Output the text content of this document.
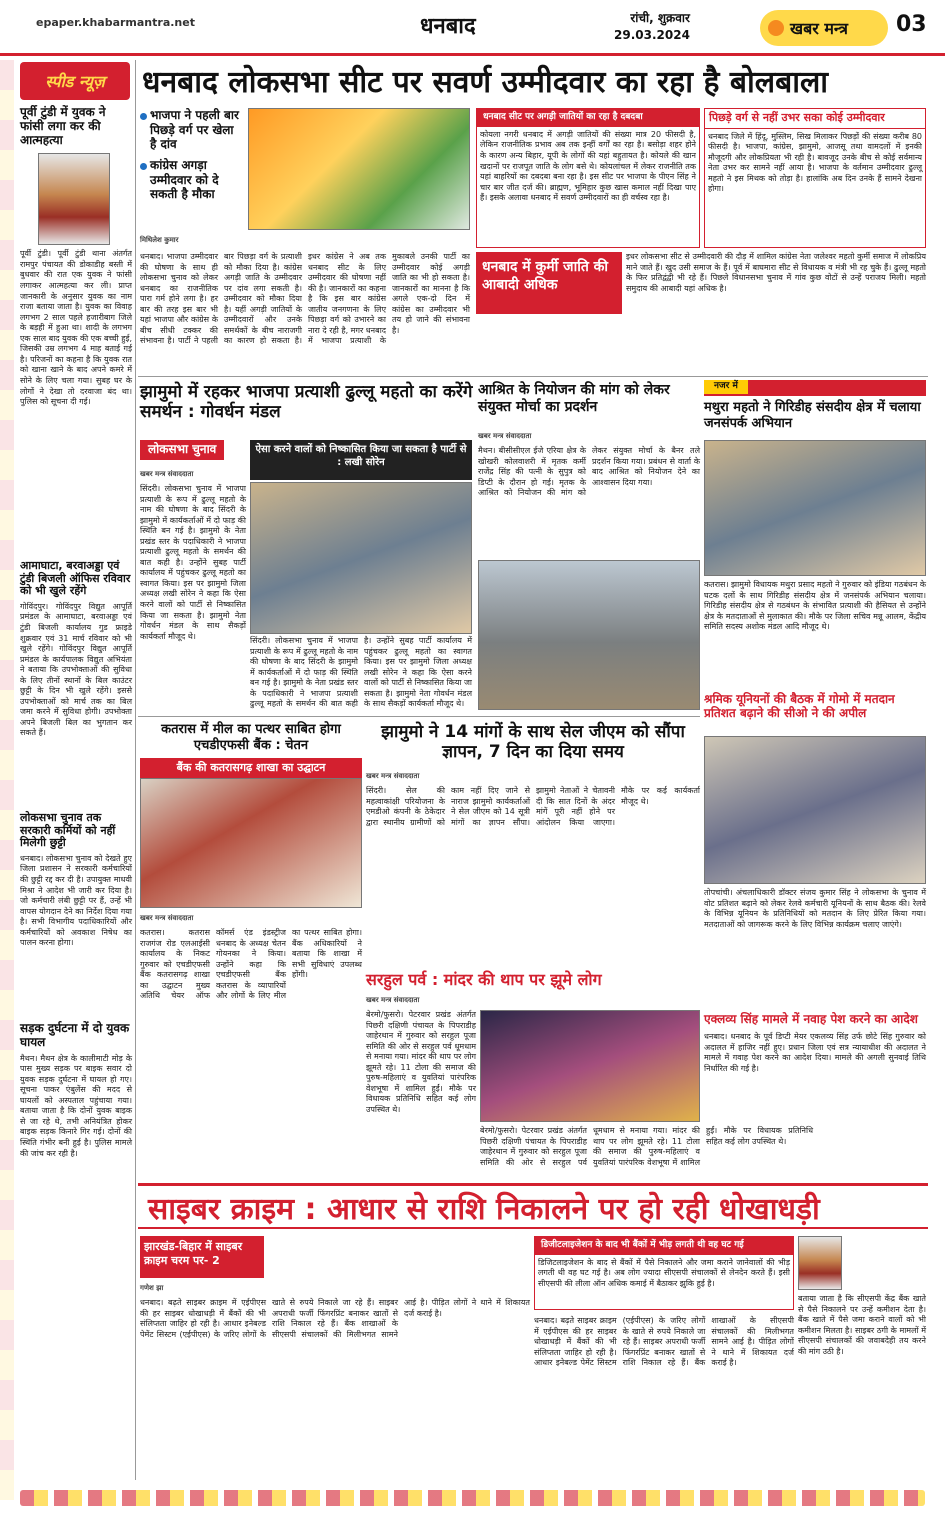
epaper.khabarmantra.net	धनबाद	रांची, शुक्रवार
29.03.2024	खबर मन्त्र	03
स्पीड न्यूज़
पूर्वी टुंडी में युवक ने फांसी लगा कर की आत्महत्या
पूर्वी टुंडी। पूर्वी टुंडी थाना अंतर्गत रामपुर पंचायत की डोकाडीह बस्ती में बुधवार की रात एक युवक ने फांसी लगाकर आत्महत्या कर ली। प्राप्त जानकारी के अनुसार युवक का नाम राजा बताया जाता है। युवक का विवाह लगभग 2 साल पहले हजारीबाग जिले के बड़ही में हुआ था। शादी के लगभग एक साल बाद युवक की एक बच्ची हुई, जिसकी उम्र लगभग 4 माह बताई गई है। परिजनों का कहना है कि युवक रात को खाना खाने के बाद अपने कमरे में सोने के लिए चला गया। सुबह घर के लोगों ने देखा तो दरवाजा बंद था। पुलिस को सूचना दी गई।
आमाघाटा, बरवाअड्डा एवं टुंडी बिजली ऑफिस रविवार को भी खुले रहेंगे
गोविंदपुर। गोविंदपुर विद्युत आपूर्ति प्रमंडल के आमाघाटा, बरवाअड्डा एवं टुंडी बिजली कार्यालय गुड फ्राइडे शुक्रवार एवं 31 मार्च रविवार को भी खुले रहेंगे। गोविंदपुर विद्युत आपूर्ति प्रमंडल के कार्यपालक विद्युत अभियंता ने बताया कि उपभोक्ताओं की सुविधा के लिए तीनों स्थानों के बिल काउंटर छुट्टी के दिन भी खुले रहेंगे। इससे उपभोक्ताओं को मार्च तक का बिल जमा करने में सुविधा होगी। उपभोक्ता अपने बिजली बिल का भुगतान कर सकते हैं।
लोकसभा चुनाव तक सरकारी कर्मियों को नहीं मिलेगी छुट्टी
धनबाद। लोकसभा चुनाव को देखते हुए जिला प्रशासन ने सरकारी कर्मचारियों की छुट्टी रद्द कर दी है। उपायुक्त माधवी मिश्रा ने आदेश भी जारी कर दिया है। जो कर्मचारी लंबी छुट्टी पर हैं, उन्हें भी वापस योगदान देने का निर्देश दिया गया है। सभी विभागीय पदाधिकारियों और कर्मचारियों को अवकाश निषेध का पालन करना होगा।
सड़क दुर्घटना में दो युवक घायल
मैथन। मैथन क्षेत्र के कालीमाटी मोड़ के पास मुख्य सड़क पर बाइक सवार दो युवक सड़क दुर्घटना में घायल हो गए। सूचना पाकर एंबुलेंस की मदद से घायलों को अस्पताल पहुंचाया गया। बताया जाता है कि दोनों युवक बाइक से जा रहे थे, तभी अनियंत्रित होकर बाइक सड़क किनारे गिर गई। दोनों की स्थिति गंभीर बनी हुई है। पुलिस मामले की जांच कर रही है।
धनबाद लोकसभा सीट पर सवर्ण उम्मीदवार का रहा है बोलबाला
भाजपा ने पहली बार पिछड़े वर्ग पर खेला है दांव
कांग्रेस अगड़ा उम्मीदवार को दे सकती है मौका
मिथिलेश कुमार
धनबाद। भाजपा उम्मीदवार की घोषणा के साथ ही लोकसभा चुनाव को लेकर धनबाद का राजनीतिक पारा गर्म होने लगा है। हर बार की तरह इस बार भी यहां भाजपा और कांग्रेस के बीच सीधी टक्कर की संभावना है। पार्टी ने पहली बार पिछड़ा वर्ग के प्रत्याशी को मौका दिया है। कांग्रेस अगड़ी जाति के उम्मीदवार पर दांव लगा सकती है। उम्मीदवार को मौका दिया है। यहीं अगड़ी जातियों के उम्मीदवारों और उनके समर्थकों के बीच नाराजगी का कारण हो सकता है। इधर कांग्रेस ने अब तक धनबाद सीट के लिए उम्मीदवार की घोषणा नहीं की है। जानकारों का कहना है कि इस बार कांग्रेस जातीय जनगणना के लिए पिछड़ा वर्ग को उभारने का नारा दे रही है, मगर धनबाद में भाजपा प्रत्याशी के मुकाबले उनकी पार्टी का उम्मीदवार कोई अगड़ी जाति का भी हो सकता है। जानकारों का मानना है कि अगले एक-दो दिन में कांग्रेस का उम्मीदवार भी तय हो जाने की संभावना है।
धनबाद सीट पर अगड़ी जातियों का रहा है दबदबा
कोयला नगरी धनबाद में अगड़ी जातियों की संख्या मात्र 20 फीसदी है, लेकिन राजनीतिक प्रभाव अब तक इन्हीं वर्गों का रहा है। बसोड़ा शहर होने के कारण अन्य बिहार, यूपी के लोगों की यहां बहुतायत है। कोयले की खान खदानों पर राजपूत जाति के लोग बसे थे। कोयलांचल में लेकर राजनीति तक यहां बाहरियों का दबदबा बना रहा है। इस सीट पर भाजपा के पीएन सिंह ने चार बार जीत दर्ज की। ब्राह्मण, भूमिहार कुछ खास कमाल नहीं दिखा पाए हैं। इसके अलावा धनबाद में सवर्ण उम्मीदवारों का ही वर्चस्व रहा है।
पिछड़े वर्ग से नहीं उभर सका कोई उम्मीदवार
धनबाद जिले में हिंदू, मुस्लिम, सिख मिलाकर पिछड़ों की संख्या करीब 80 फीसदी है। भाजपा, कांग्रेस, झामुमो, आजसू तथा वामदलों में इनकी मौजूदगी और लोकप्रियता भी रही है। बावजूद उनके बीच से कोई सर्वमान्य नेता उभर कर सामने नहीं आया है। भाजपा के वर्तमान उम्मीदवार ढुल्लू महतो ने इस मिथक को तोड़ा है। हालांकि अब दिन उनके हैं सामने देखना होगा।
धनबाद में कुर्मी जाति की आबादी अधिक
इधर लोकसभा सीट से उम्मीदवारी की दौड़ में शामिल कांग्रेस नेता जलेश्वर महतो कुर्मी समाज में लोकप्रिय माने जाते हैं। खुद उसी समाज के हैं। पूर्व में बाघमारा सीट से विधायक व मंत्री भी रह चुके हैं। ढुल्लू महतो के फिर प्रतिद्वंद्वी भी रहे हैं। पिछले विधानसभा चुनाव में गांव कुछ वोटों से उन्हें पराजय मिली। महतो समुदाय की आबादी यहां अधिक है।
झामुमो में रहकर भाजपा प्रत्याशी ढुल्लू महतो का करेंगे समर्थन : गोवर्धन मंडल
लोकसभा चुनाव	ऐसा करने वालों को निष्कासित किया जा सकता है पार्टी से : लखी सोरेन
खबर मन्त्र संवाददाता
सिंदरी। लोकसभा चुनाव में भाजपा प्रत्याशी के रूप में ढुल्लू महतो के नाम की घोषणा के बाद सिंदरी के झामुमो में कार्यकर्ताओं में दो फाड़ की स्थिति बन गई है। झामुमो के नेता प्रखंड स्तर के पदाधिकारी ने भाजपा प्रत्याशी ढुल्लू महतो के समर्थन की बात कही है। उन्होंने सुबह पार्टी कार्यालय में पहुंचकर ढुल्लू महतो का स्वागत किया। इस पर झामुमो जिला अध्यक्ष लखी सोरेन ने कहा कि ऐसा करने वालों को पार्टी से निष्कासित किया जा सकता है। झामुमो नेता गोवर्धन मंडल के साथ सैकड़ों कार्यकर्ता मौजूद थे।	सिंदरी। लोकसभा चुनाव में भाजपा प्रत्याशी के रूप में ढुल्लू महतो के नाम की घोषणा के बाद सिंदरी के झामुमो में कार्यकर्ताओं में दो फाड़ की स्थिति बन गई है। झामुमो के नेता प्रखंड स्तर के पदाधिकारी ने भाजपा प्रत्याशी ढुल्लू महतो के समर्थन की बात कही है। उन्होंने सुबह पार्टी कार्यालय में पहुंचकर ढुल्लू महतो का स्वागत किया। इस पर झामुमो जिला अध्यक्ष लखी सोरेन ने कहा कि ऐसा करने वालों को पार्टी से निष्कासित किया जा सकता है। झामुमो नेता गोवर्धन मंडल के साथ सैकड़ों कार्यकर्ता मौजूद थे।
आश्रित के नियोजन की मांग को लेकर संयुक्त मोर्चा का प्रदर्शन
खबर मन्त्र संवाददाता
मैथन। बीसीसीएल ईजे एरिया क्षेत्र के खोखरी कोलवाशरी में मृतक कर्मी राजेंद्र सिंह की पत्नी के सुपुत्र को डिप्टी के दौरान हो गई। मृतक के आश्रित को नियोजन की मांग को लेकर संयुक्त मोर्चा के बैनर तले प्रदर्शन किया गया। प्रबंधन से वार्ता के बाद आश्रित को नियोजन देने का आश्वासन दिया गया।
नजर में
मथुरा महतो ने गिरिडीह संसदीय क्षेत्र में चलाया जनसंपर्क अभियान
कतरास। झामुमो विधायक मथुरा प्रसाद महतो ने गुरुवार को इंडिया गठबंधन के घटक दलों के साथ गिरिडीह संसदीय क्षेत्र में जनसंपर्क अभियान चलाया। गिरिडीह संसदीय क्षेत्र से गठबंधन के संभावित प्रत्याशी की हैसियत से उन्होंने क्षेत्र के मतदाताओं से मुलाकात की। मौके पर जिला सचिव मन्नू आलम, केंद्रीय समिति सदस्य अशोक मंडल आदि मौजूद थे।
श्रमिक यूनियनों की बैठक में गोमो में मतदान प्रतिशत बढ़ाने की सीओ ने की अपील
तोपचांची। अंचलाधिकारी डॉक्टर संजय कुमार सिंह ने लोकसभा के चुनाव में वोट प्रतिशत बढ़ाने को लेकर रेलवे कर्मचारी यूनियनों के साथ बैठक की। रेलवे के विभिन्न यूनियन के प्रतिनिधियों को मतदान के लिए प्रेरित किया गया। मतदाताओं को जागरूक करने के लिए विभिन्न कार्यक्रम चलाए जाएंगे।
एक्लव्य सिंह मामले में नवाह पेश करने का आदेश
धनबाद। धनबाद के पूर्व डिप्टी मेयर एकलव्य सिंह उर्फ छोटे सिंह गुरुवार को अदालत में हाजिर नहीं हुए। प्रधान जिला एवं सत्र न्यायाधीश की अदालत ने मामले में गवाह पेश करने का आदेश दिया। मामले की अगली सुनवाई तिथि निर्धारित की गई है।
कतरास में मील का पत्थर साबित होगा एचडीएफसी बैंक : चेतन
बैंक की कतरासगढ़ शाखा का उद्घाटन
खबर मन्त्र संवाददाता
कतरास। कतरास राजगंज रोड एलआईसी कार्यालय के निकट गुरुवार को एचडीएफसी बैंक कतरासगढ़ शाखा का उद्घाटन मुख्य अतिथि चेयर ऑफ कॉमर्स एंड इंडस्ट्रीज धनबाद के अध्यक्ष चेतन गोयनका ने किया। उन्होंने कहा कि एचडीएफसी बैंक कतरास के व्यापारियों और लोगों के लिए मील का पत्थर साबित होगा। बैंक अधिकारियों ने बताया कि शाखा में सभी सुविधाएं उपलब्ध होंगी।
झामुमो ने 14 मांगों के साथ सेल जीएम को सौंपा ज्ञापन, 7 दिन का दिया समय
खबर मन्त्र संवाददाता
सिंदरी। सेल की महत्वाकांक्षी परियोजना के एमडीओ कंपनी के ठेकेदार द्वारा स्थानीय ग्रामीणों को काम नहीं दिए जाने से नाराज झामुमो कार्यकर्ताओं ने सेल जीएम को 14 सूत्री मांगों का ज्ञापन सौंपा। झामुमो नेताओं ने चेतावनी दी कि सात दिनों के अंदर मांगें पूरी नहीं होने पर आंदोलन किया जाएगा। मौके पर कई कार्यकर्ता मौजूद थे।
सरहुल पर्व : मांदर की थाप पर झूमे लोग
खबर मन्त्र संवाददाता
बेरमो/फुसरो। पेटरवार प्रखंड अंतर्गत पिछरी दक्षिणी पंचायत के पिपराडीह जाहेरथान में गुरुवार को सरहुल पूजा समिति की ओर से सरहुल पर्व धूमधाम से मनाया गया। मांदर की थाप पर लोग झूमते रहे। 11 टोला की समाज की पुरुष-महिलाएं व युवतियां पारंपरिक वेशभूषा में शामिल हुईं। मौके पर विधायक प्रतिनिधि सहित कई लोग उपस्थित थे।
बेरमो/फुसरो। पेटरवार प्रखंड अंतर्गत पिछरी दक्षिणी पंचायत के पिपराडीह जाहेरथान में गुरुवार को सरहुल पूजा समिति की ओर से सरहुल पर्व धूमधाम से मनाया गया। मांदर की थाप पर लोग झूमते रहे। 11 टोला की समाज की पुरुष-महिलाएं व युवतियां पारंपरिक वेशभूषा में शामिल हुईं। मौके पर विधायक प्रतिनिधि सहित कई लोग उपस्थित थे।
साइबर क्राइम : आधार से राशि निकालने पर हो रही धोखाधड़ी
झारखंड-बिहार में साइबर क्राइम चरम पर- 2
गणेश झा
धनबाद। बढ़ते साइबर क्राइम में एईपीएस की हर साइबर धोखाधड़ी में बैंकों की भी संलिप्तता जाहिर हो रही है। आधार इनेबल्ड पेमेंट सिस्टम (एईपीएस) के जरिए लोगों के खाते से रुपये निकाले जा रहे हैं। साइबर अपराधी फर्जी फिंगरप्रिंट बनाकर खातों से राशि निकाल रहे हैं। बैंक शाखाओं के सीएसपी संचालकों की मिलीभगत सामने आई है। पीड़ित लोगों ने थाने में शिकायत दर्ज कराई है।
डिजीटलाइजेशन के बाद भी बैंकों में भीड़ लगती थी वह घट गई
डिजिटलाइजेशन के बाद से बैंकों में पैसे निकालने और जमा कराने जानेवालों की भीड़ लगती थी वह घट गई है। अब लोग ज्यादा सीएसपी संचालकों से लेनदेन करते हैं। इसी सीएसपी की लीला ऑन अधिक कमाई में बैठाकर झुकि हुई है।
धनबाद। बढ़ते साइबर क्राइम में एईपीएस की हर साइबर धोखाधड़ी में बैंकों की भी संलिप्तता जाहिर हो रही है। आधार इनेबल्ड पेमेंट सिस्टम (एईपीएस) के जरिए लोगों के खाते से रुपये निकाले जा रहे हैं। साइबर अपराधी फर्जी फिंगरप्रिंट बनाकर खातों से राशि निकाल रहे हैं। बैंक शाखाओं के सीएसपी संचालकों की मिलीभगत सामने आई है। पीड़ित लोगों ने थाने में शिकायत दर्ज कराई है।
बताया जाता है कि सीएसपी केंद्र बैंक खाते से पैसे निकालने पर उन्हें कमीशन देता है। बैंक खाते में पैसे जमा कराने वालों को भी कमीशन मिलता है। साइबर ठगी के मामलों में सीएसपी संचालकों की जवाबदेही तय करने की मांग उठी है।
